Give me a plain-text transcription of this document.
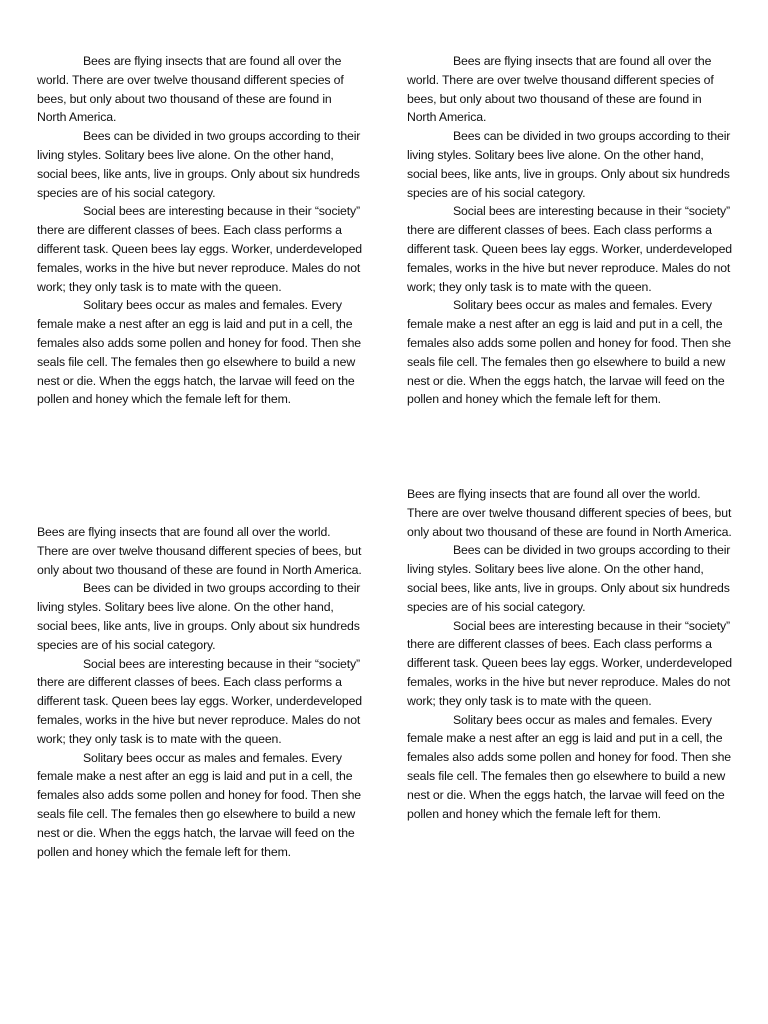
Bees are flying insects that are found all over the world. There are over twelve thousand different species of bees, but only about two thousand of these are found in North America.

Bees can be divided in two groups according to their living styles. Solitary bees live alone. On the other hand, social bees, like ants, live in groups. Only about six hundreds species are of his social category.

Social bees are interesting because in their “society” there are different classes of bees. Each class performs a different task. Queen bees lay eggs. Worker, underdeveloped females, works in the hive but never reproduce. Males do not work; they only task is to mate with the queen.

Solitary bees occur as males and females. Every female make a nest after an egg is laid and put in a cell, the females also adds some pollen and honey for food. Then she seals file cell. The females then go elsewhere to build a new nest or die. When the eggs hatch, the larvae will feed on the pollen and honey which the female left for them.

Bees are flying insects that are found all over the world. There are over twelve thousand different species of bees, but only about two thousand of these are found in North America.

Bees can be divided in two groups according to their living styles. Solitary bees live alone. On the other hand, social bees, like ants, live in groups. Only about six hundreds species are of his social category.

Social bees are interesting because in their “society” there are different classes of bees. Each class performs a different task. Queen bees lay eggs. Worker, underdeveloped females, works in the hive but never reproduce. Males do not work; they only task is to mate with the queen.

Solitary bees occur as males and females. Every female make a nest after an egg is laid and put in a cell, the females also adds some pollen and honey for food. Then she seals file cell. The females then go elsewhere to build a new nest or die. When the eggs hatch, the larvae will feed on the pollen and honey which the female left for them.

Bees are flying insects that are found all over the world. There are over twelve thousand different species of bees, but only about two thousand of these are found in North America.

Bees can be divided in two groups according to their living styles. Solitary bees live alone. On the other hand, social bees, like ants, live in groups. Only about six hundreds species are of his social category.

Social bees are interesting because in their “society” there are different classes of bees. Each class performs a different task. Queen bees lay eggs. Worker, underdeveloped females, works in the hive but never reproduce. Males do not work; they only task is to mate with the queen.

Solitary bees occur as males and females. Every female make a nest after an egg is laid and put in a cell, the females also adds some pollen and honey for food. Then she seals file cell. The females then go elsewhere to build a new nest or die. When the eggs hatch, the larvae will feed on the pollen and honey which the female left for them.

Bees are flying insects that are found all over the world. There are over twelve thousand different species of bees, but only about two thousand of these are found in North America.

Bees can be divided in two groups according to their living styles. Solitary bees live alone. On the other hand, social bees, like ants, live in groups. Only about six hundreds species are of his social category.

Social bees are interesting because in their “society” there are different classes of bees. Each class performs a different task. Queen bees lay eggs. Worker, underdeveloped females, works in the hive but never reproduce. Males do not work; they only task is to mate with the queen.

Solitary bees occur as males and females. Every female make a nest after an egg is laid and put in a cell, the females also adds some pollen and honey for food. Then she seals file cell. The females then go elsewhere to build a new nest or die. When the eggs hatch, the larvae will feed on the pollen and honey which the female left for them.
